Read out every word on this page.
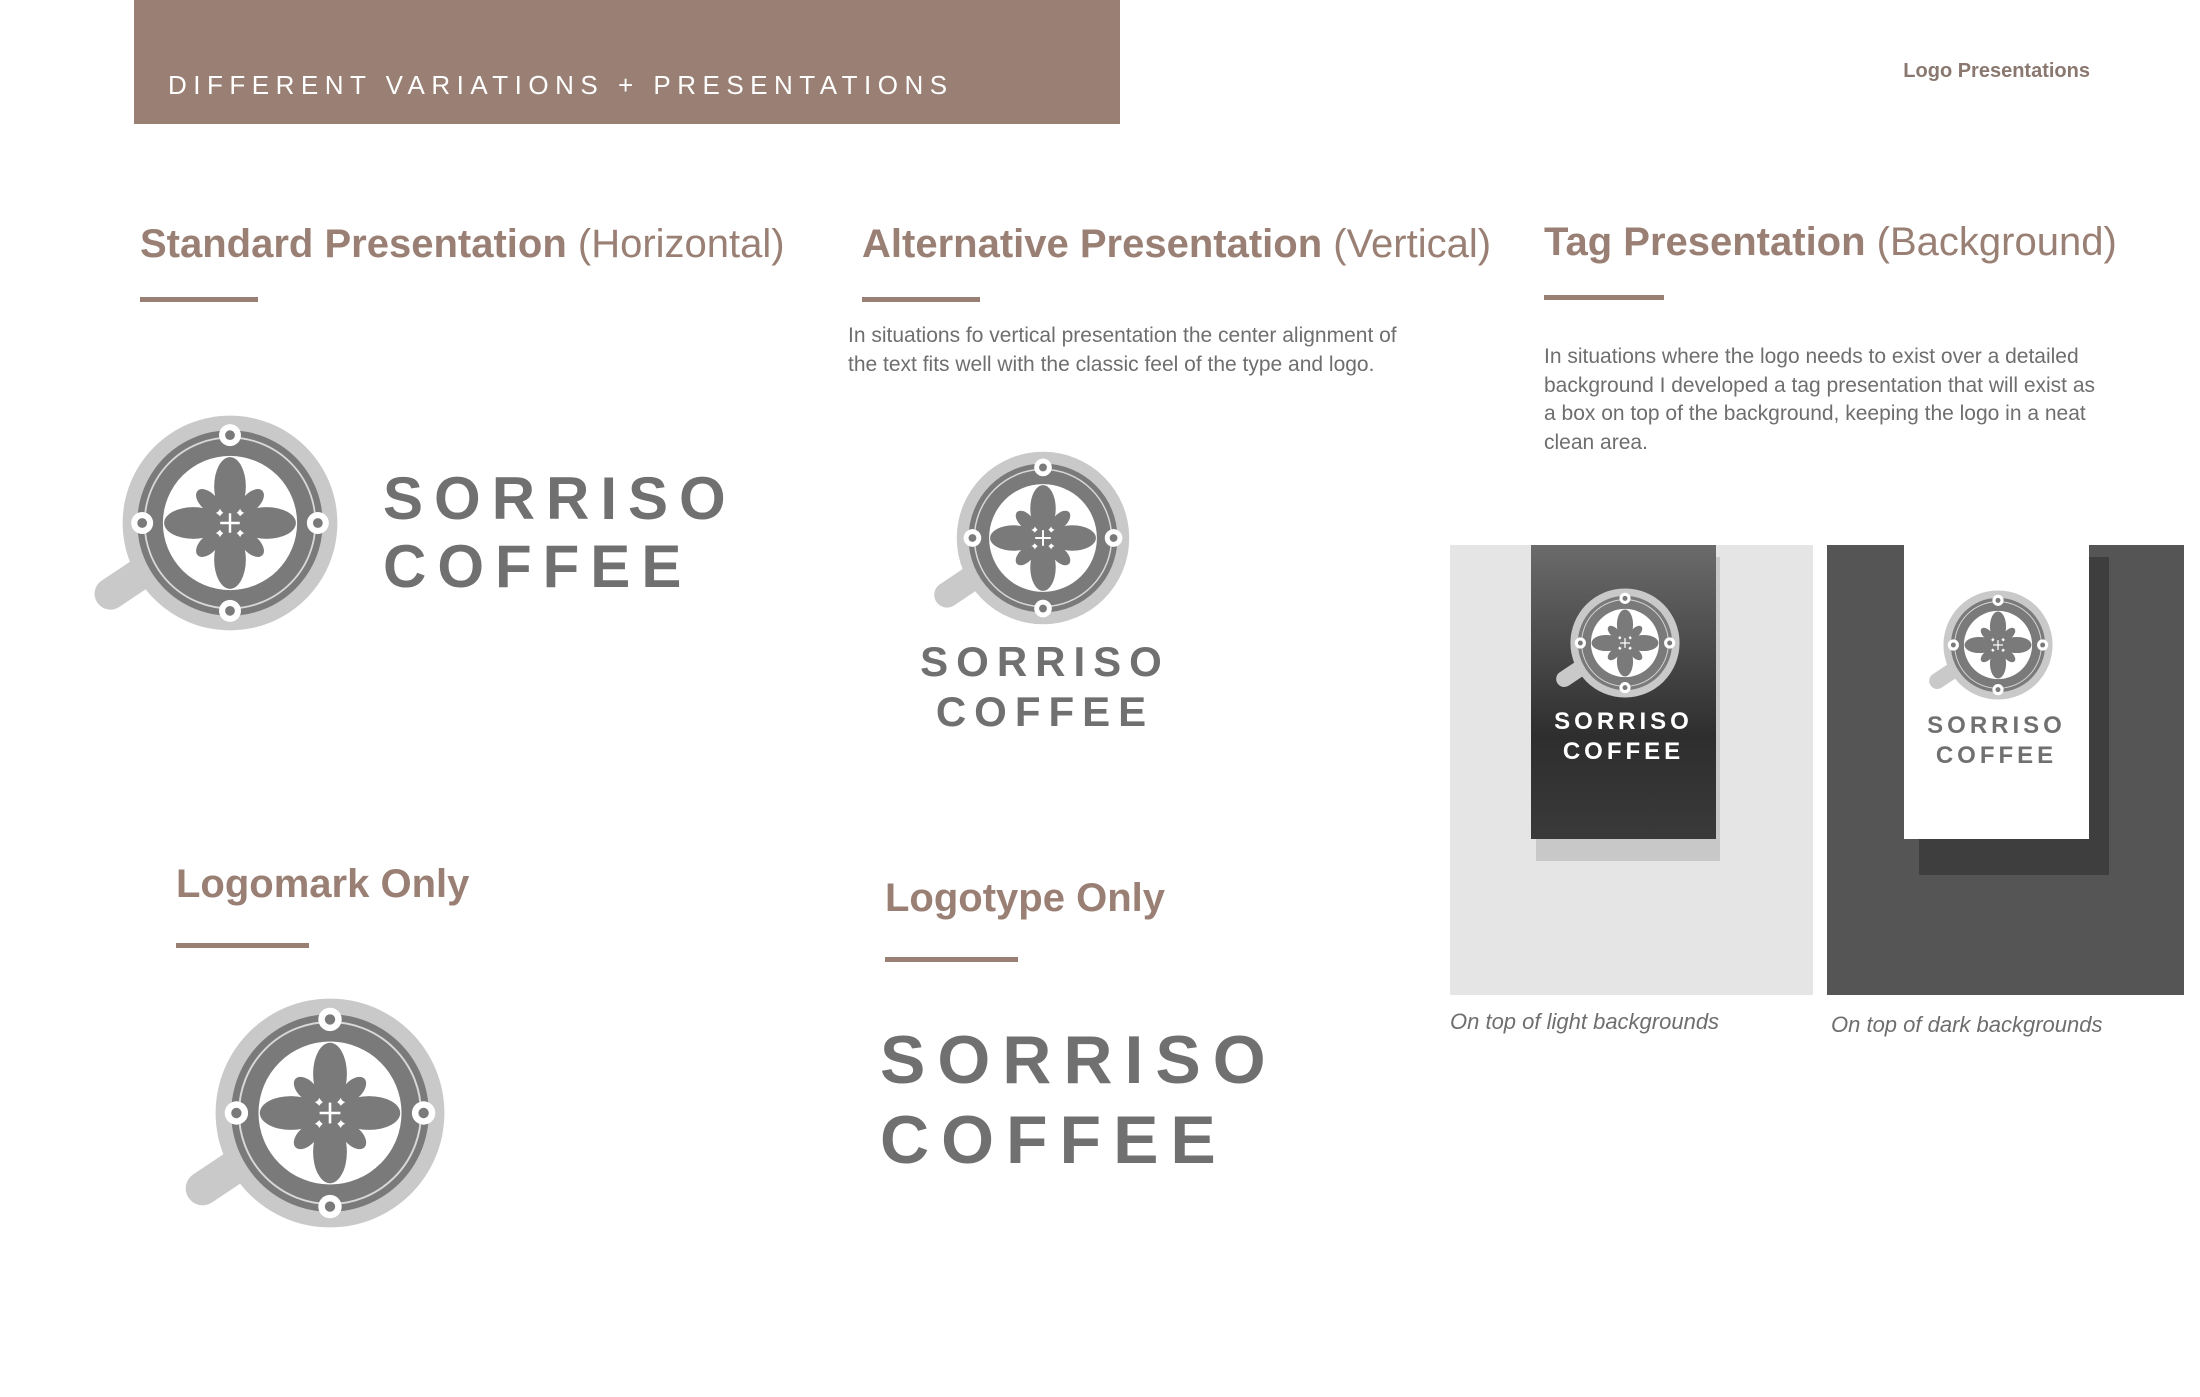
DIFFERENT VARIATIONS + PRESENTATIONS	Logo Presentations
Standard Presentation (Horizontal)
SORRISO
COFFEE
Alternative Presentation (Vertical)
In situations fo vertical presentation the center alignment of the text fits well with the classic feel of the type and logo.
SORRISO
COFFEE
Tag Presentation (Background)
In situations where the logo needs to exist over a detailed background I developed a tag presentation that will exist as a box on top of the background, keeping the logo in a neat clean area.
SORRISO
COFFEE
SORRISO
COFFEE
On top of light backgrounds	On top of dark backgrounds
Logomark Only	Logotype Only
SORRISO
COFFEE
